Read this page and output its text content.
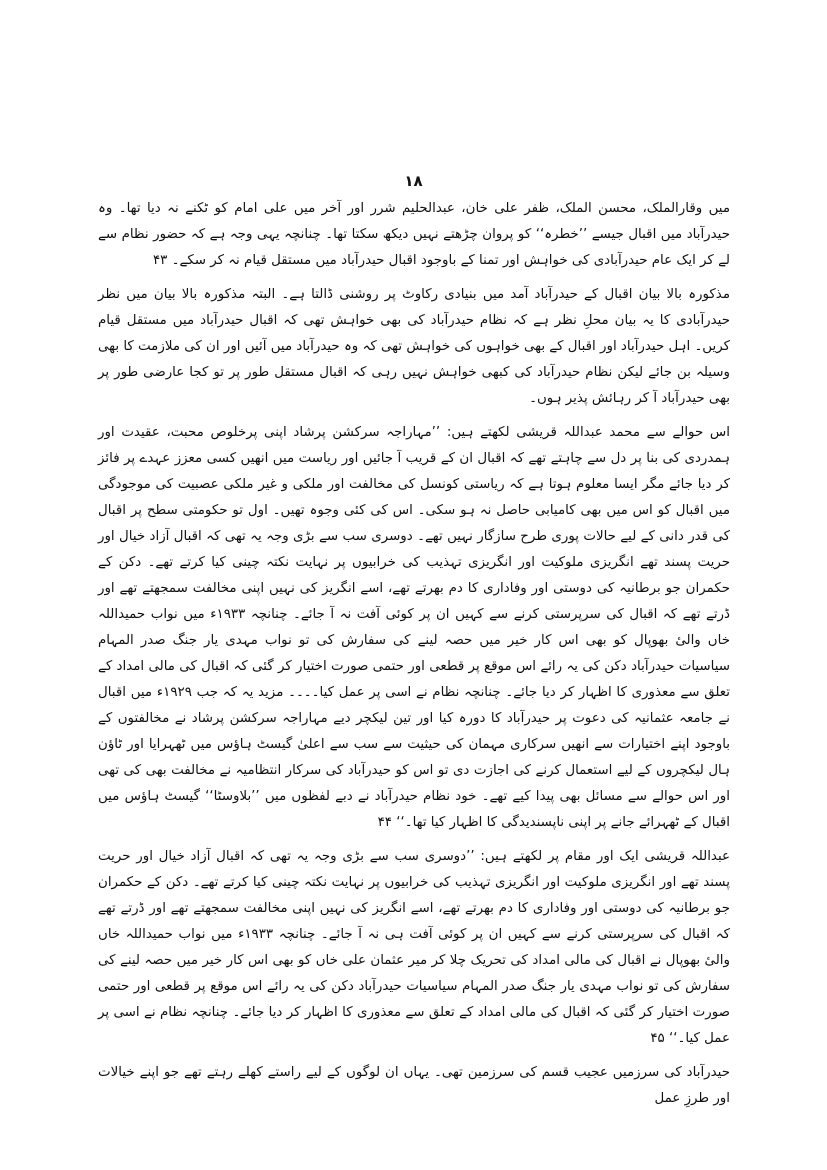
۱۸

میں وقارالملک، محسن الملک، ظفر علی خان، عبدالحلیم شرر اور آخر میں علی امام کو ٹکنے نہ دیا تھا۔ وہ حیدرآباد میں اقبال جیسے ’’خطرہ‘‘ کو پروان چڑھتے نہیں دیکھ سکتا تھا۔ چنانچہ یہی وجہ ہے کہ حضور نظام سے لے کر ایک عام حیدرآبادی کی خواہش اور تمنا کے باوجود اقبال حیدرآباد میں مستقل قیام نہ کر سکے۔ ۴۳

مذکورہ بالا بیان اقبال کے حیدرآباد آمد میں بنیادی رکاوٹ پر روشنی ڈالتا ہے۔ البتہ مذکورہ بالا بیان میں نظر حیدرآبادی کا یہ بیان محلِ نظر ہے کہ نظام حیدرآباد کی بھی خواہش تھی کہ اقبال حیدرآباد میں مستقل قیام کریں۔ اہل حیدرآباد اور اقبال کے بھی خواہوں کی خواہش تھی کہ وہ حیدرآباد میں آئیں اور ان کی ملازمت کا بھی وسیلہ بن جائے لیکن نظام حیدرآباد کی کبھی خواہش نہیں رہی کہ اقبال مستقل طور پر تو کجا عارضی طور پر بھی حیدرآباد آ کر رہائش پذیر ہوں۔

اس حوالے سے محمد عبداللہ قریشی لکھتے ہیں: ’’مہاراجہ سرکشن پرشاد اپنی پرخلوص محبت، عقیدت اور ہمدردی کی بنا پر دل سے چاہتے تھے کہ اقبال ان کے قریب آ جائیں اور ریاست میں انھیں کسی معزز عہدے پر فائز کر دیا جائے مگر ایسا معلوم ہوتا ہے کہ ریاستی کونسل کی مخالفت اور ملکی و غیر ملکی عصبیت کی موجودگی میں اقبال کو اس میں بھی کامیابی حاصل نہ ہو سکی۔ اس کی کئی وجوہ تھیں۔ اول تو حکومتی سطح پر اقبال کی قدر دانی کے لیے حالات پوری طرح سازگار نہیں تھے۔ دوسری سب سے بڑی وجہ یہ تھی کہ اقبال آزاد خیال اور حریت پسند تھے انگریزی ملوکیت اور انگریزی تہذیب کی خرابیوں پر نہایت نکتہ چینی کیا کرتے تھے۔ دکن کے حکمران جو برطانیہ کی دوستی اور وفاداری کا دم بھرتے تھے، اسے انگریز کی نہیں اپنی مخالفت سمجھتے تھے اور ڈرتے تھے کہ اقبال کی سرپرستی کرنے سے کہیں ان پر کوئی آفت نہ آ جائے۔ چنانچہ ۱۹۳۳ء میں نواب حمیداللہ خاں والیٔ بھوپال کو بھی اس کار خیر میں حصہ لینے کی سفارش کی تو نواب مہدی یار جنگ صدر المہام سیاسیات حیدرآباد دکن کی یہ رائے اس موقع پر قطعی اور حتمی صورت اختیار کر گئی کہ اقبال کی مالی امداد کے تعلق سے معذوری کا اظہار کر دیا جائے۔ چنانچہ نظام نے اسی پر عمل کیا۔۔۔۔ مزید یہ کہ جب ۱۹۲۹ء میں اقبال نے جامعہ عثمانیہ کی دعوت پر حیدرآباد کا دورہ کیا اور تین لیکچر دیے مہاراجہ سرکشن پرشاد نے مخالفتوں کے باوجود اپنے اختیارات سے انھیں سرکاری مہمان کی حیثیت سے سب سے اعلیٰ گیسٹ ہاؤس میں ٹھہرایا اور ٹاؤن ہال لیکچروں کے لیے استعمال کرنے کی اجازت دی تو اس کو حیدرآباد کی سرکار انتظامیہ نے مخالفت بھی کی تھی اور اس حوالے سے مسائل بھی پیدا کیے تھے۔ خود نظام حیدرآباد نے دبے لفظوں میں ’’بلاوسٹا‘‘ گیسٹ ہاؤس میں اقبال کے ٹھہرائے جانے پر اپنی ناپسندیدگی کا اظہار کیا تھا۔‘‘ ۴۴

عبداللہ قریشی ایک اور مقام پر لکھتے ہیں: ’’دوسری سب سے بڑی وجہ یہ تھی کہ اقبال آزاد خیال اور حریت پسند تھے اور انگریزی ملوکیت اور انگریزی تہذیب کی خرابیوں پر نہایت نکتہ چینی کیا کرتے تھے۔ دکن کے حکمران جو برطانیہ کی دوستی اور وفاداری کا دم بھرتے تھے، اسے انگریز کی نہیں اپنی مخالفت سمجھتے تھے اور ڈرتے تھے کہ اقبال کی سرپرستی کرنے سے کہیں ان پر کوئی آفت ہی نہ آ جائے۔ چنانچہ ۱۹۳۳ء میں نواب حمیداللہ خاں والیٔ بھوپال نے اقبال کی مالی امداد کی تحریک چلا کر میر عثمان علی خاں کو بھی اس کار خیر میں حصہ لینے کی سفارش کی تو نواب مہدی یار جنگ صدر المہام سیاسیات حیدرآباد دکن کی یہ رائے اس موقع پر قطعی اور حتمی صورت اختیار کر گئی کہ اقبال کی مالی امداد کے تعلق سے معذوری کا اظہار کر دیا جائے۔ چنانچہ نظام نے اسی پر عمل کیا۔‘‘ ۴۵

حیدرآباد کی سرزمیں عجیب قسم کی سرزمین تھی۔ یہاں ان لوگوں کے لیے راستے کھلے رہتے تھے جو اپنے خیالات اور طرزِ عمل
